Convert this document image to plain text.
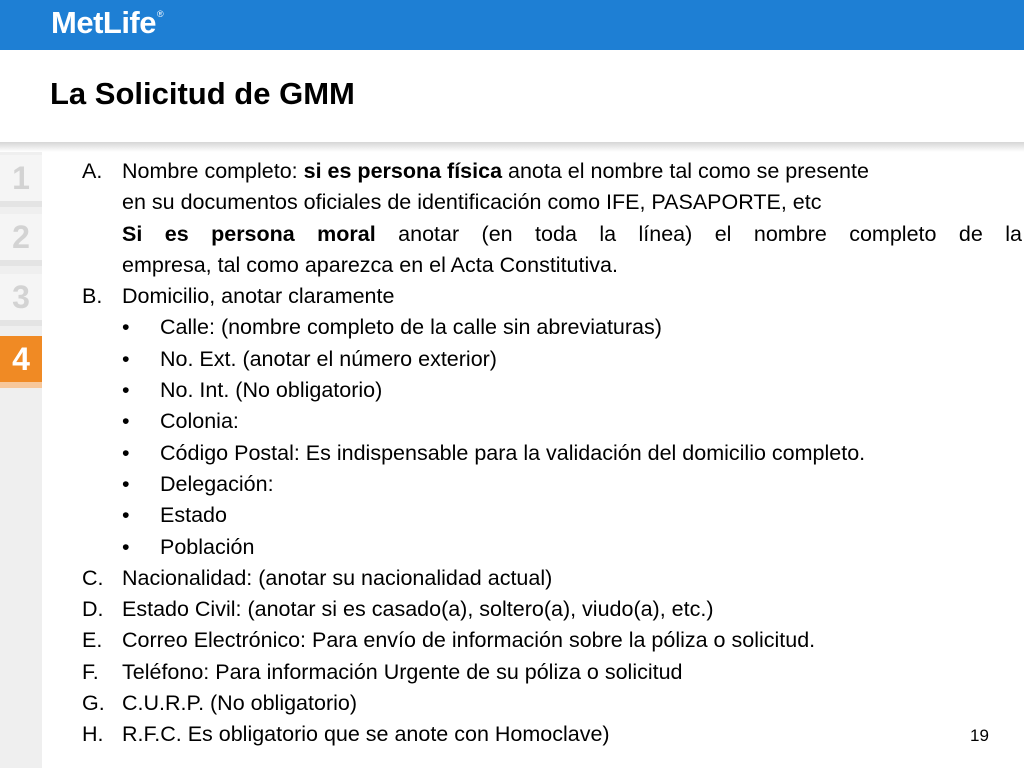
MetLife®
La Solicitud de GMM
1
2
3
4
A. Nombre completo: si es persona física anota el nombre tal como se presente
en su documentos oficiales de identificación como IFE, PASAPORTE, etc
Si es persona moral anotar (en toda la línea) el nombre completo de la
empresa, tal como aparezca en el Acta Constitutiva.
B. Domicilio, anotar claramente
•	Calle: (nombre completo de la calle sin abreviaturas)
•	No. Ext. (anotar el número exterior)
•	No. Int. (No obligatorio)
•	Colonia:
•	Código Postal: Es indispensable para la validación del domicilio completo.
•	Delegación:
•	Estado
•	Población
C. Nacionalidad: (anotar su nacionalidad actual)
D. Estado Civil: (anotar si es casado(a), soltero(a), viudo(a), etc.)
E. Correo Electrónico: Para envío de información sobre la póliza o solicitud.
F.	Teléfono: Para información Urgente de su póliza o solicitud
G. C.U.R.P. (No obligatorio)
H. R.F.C. Es obligatorio que se anote con Homoclave)	19
